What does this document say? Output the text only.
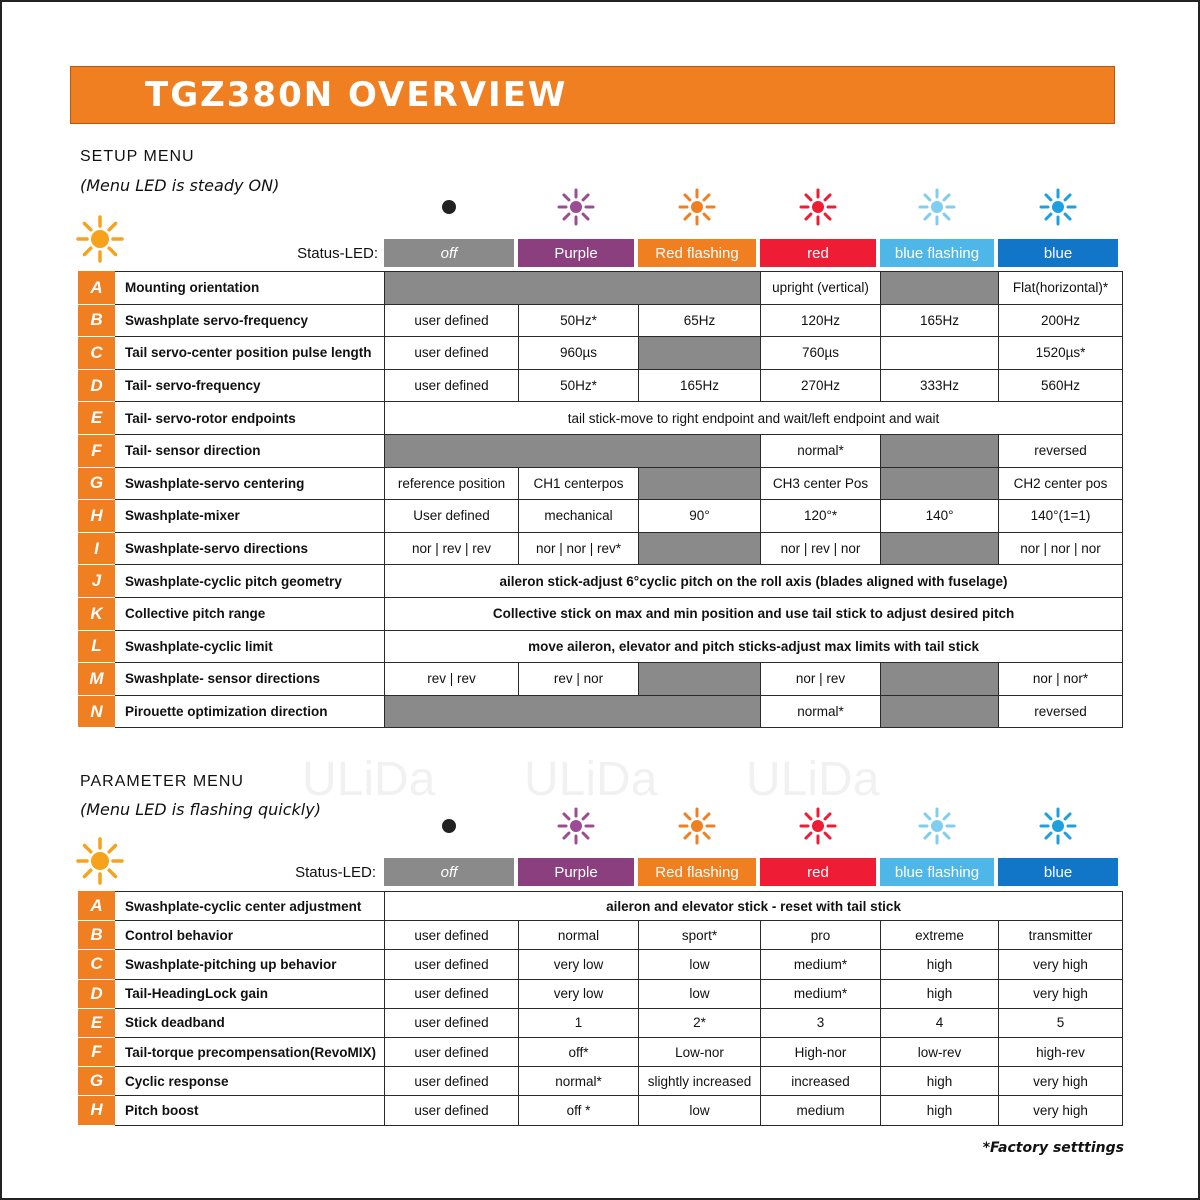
TGZ380N OVERVIEW
SETUP MENU
(Menu LED is steady ON)
Status-LED:	off	Purple	Red flashing	red	blue flashing	blue
A	Mounting orientation				upright (vertical)		Flat(horizontal)*
B	Swashplate servo-frequency	user defined	50Hz*	65Hz	120Hz	165Hz	200Hz
C	Tail servo-center position pulse length	user defined	960µs		760µs		1520µs*
D	Tail- servo-frequency	user defined	50Hz*	165Hz	270Hz	333Hz	560Hz
E	Tail- servo-rotor endpoints	tail stick-move to right endpoint and wait/left endpoint and wait					
F	Tail- sensor direction				normal*		reversed
G	Swashplate-servo centering	reference position	CH1 centerpos		CH3 center Pos		CH2 center pos
H	Swashplate-mixer	User defined	mechanical	90°	120°*	140°	140°(1=1)
I	Swashplate-servo directions	nor | rev | rev	nor | nor | rev*		nor | rev | nor		nor | nor | nor
J	Swashplate-cyclic pitch geometry	aileron stick-adjust 6°cyclic pitch on the roll axis (blades aligned with fuselage)					
K	Collective pitch range	Collective stick on max and min position and use tail stick to adjust desired pitch					
L	Swashplate-cyclic limit	move aileron, elevator and pitch sticks-adjust max limits with tail stick					
M	Swashplate- sensor directions	rev | rev	rev | nor		nor | rev		nor | nor*
N	Pirouette optimization direction				normal*		reversed
ULiDa ULiDa ULiDa
PARAMETER MENU
(Menu LED is flashing quickly)
Status-LED:	off	Purple	Red flashing	red	blue flashing	blue
A	Swashplate-cyclic center adjustment	aileron and elevator stick - reset with tail stick					
B	Control behavior	user defined	normal	sport*	pro	extreme	transmitter
C	Swashplate-pitching up behavior	user defined	very low	low	medium*	high	very high
D	Tail-HeadingLock gain	user defined	very low	low	medium*	high	very high
E	Stick deadband	user defined	1	2*	3	4	5
F	Tail-torque precompensation(RevoMIX)	user defined	off*	Low-nor	High-nor	low-rev	high-rev
G	Cyclic response	user defined	normal*	slightly increased	increased	high	very high
H	Pitch boost	user defined	off *	low	medium	high	very high
*Factory setttings
